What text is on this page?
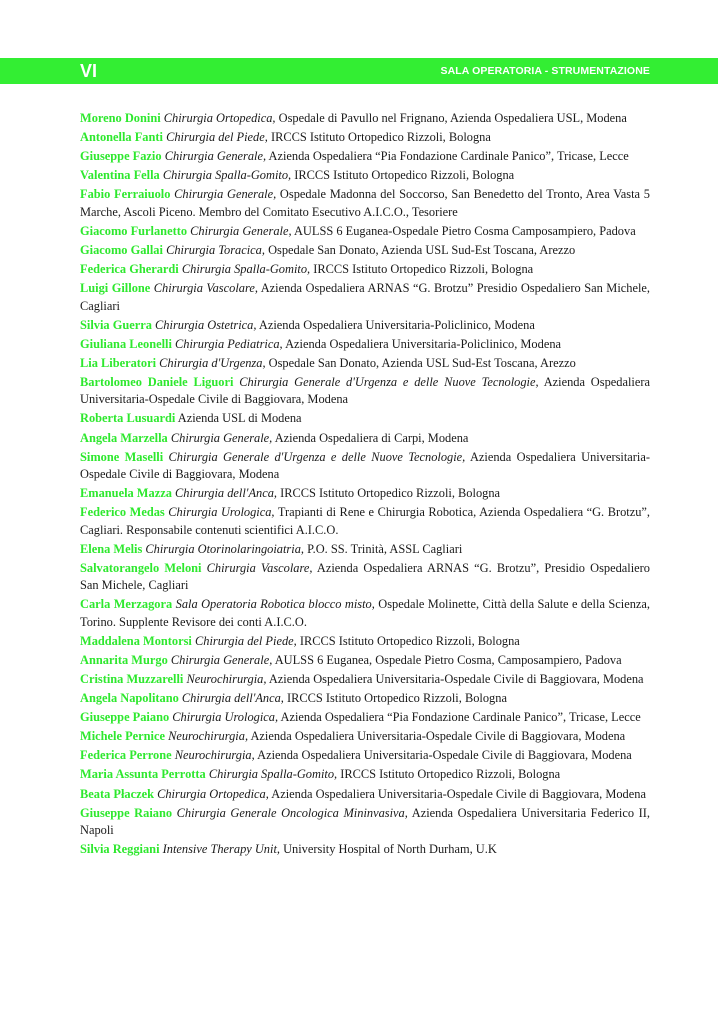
VI	SALA OPERATORIA - STRUMENTAZIONE

Moreno Donini Chirurgia Ortopedica, Ospedale di Pavullo nel Frignano, Azienda Ospedaliera USL, Modena

Antonella Fanti Chirurgia del Piede, IRCCS Istituto Ortopedico Rizzoli, Bologna

Giuseppe Fazio Chirurgia Generale, Azienda Ospedaliera “Pia Fondazione Cardinale Panico”, Tricase, Lecce

Valentina Fella Chirurgia Spalla-Gomito, IRCCS Istituto Ortopedico Rizzoli, Bologna

Fabio Ferraiuolo Chirurgia Generale, Ospedale Madonna del Soccorso, San Benedetto del Tronto, Area Vasta 5 Marche, Ascoli Piceno. Membro del Comitato Esecutivo A.I.C.O., Tesoriere

Giacomo Furlanetto Chirurgia Generale, AULSS 6 Euganea-Ospedale Pietro Cosma Camposampiero, Padova

Giacomo Gallai Chirurgia Toracica, Ospedale San Donato, Azienda USL Sud-Est Toscana, Arezzo

Federica Gherardi Chirurgia Spalla-Gomito, IRCCS Istituto Ortopedico Rizzoli, Bologna

Luigi Gillone Chirurgia Vascolare, Azienda Ospedaliera ARNAS “G. Brotzu” Presidio Ospedaliero San Michele, Cagliari

Silvia Guerra Chirurgia Ostetrica, Azienda Ospedaliera Universitaria-Policlinico, Modena

Giuliana Leonelli Chirurgia Pediatrica, Azienda Ospedaliera Universitaria-Policlinico, Modena

Lia Liberatori Chirurgia d'Urgenza, Ospedale San Donato, Azienda USL Sud-Est Toscana, Arezzo

Bartolomeo Daniele Liguori Chirurgia Generale d'Urgenza e delle Nuove Tecnologie, Azienda Ospedaliera Universitaria-Ospedale Civile di Baggiovara, Modena

Roberta Lusuardi Azienda USL di Modena

Angela Marzella Chirurgia Generale, Azienda Ospedaliera di Carpi, Modena

Simone Maselli Chirurgia Generale d'Urgenza e delle Nuove Tecnologie, Azienda Ospedaliera Universitaria-Ospedale Civile di Baggiovara, Modena

Emanuela Mazza Chirurgia dell'Anca, IRCCS Istituto Ortopedico Rizzoli, Bologna

Federico Medas Chirurgia Urologica, Trapianti di Rene e Chirurgia Robotica, Azienda Ospedaliera “G. Brotzu”, Cagliari. Responsabile contenuti scientifici A.I.C.O.

Elena Melis Chirurgia Otorinolaringoiatria, P.O. SS. Trinità, ASSL Cagliari

Salvatorangelo Meloni Chirurgia Vascolare, Azienda Ospedaliera ARNAS “G. Brotzu”, Presidio Ospedaliero San Michele, Cagliari

Carla Merzagora Sala Operatoria Robotica blocco misto, Ospedale Molinette, Città della Salute e della Scienza, Torino. Supplente Revisore dei conti A.I.C.O.

Maddalena Montorsi Chirurgia del Piede, IRCCS Istituto Ortopedico Rizzoli, Bologna

Annarita Murgo Chirurgia Generale, AULSS 6 Euganea, Ospedale Pietro Cosma, Camposampiero, Padova

Cristina Muzzarelli Neurochirurgia, Azienda Ospedaliera Universitaria-Ospedale Civile di Baggiovara, Modena

Angela Napolitano Chirurgia dell'Anca, IRCCS Istituto Ortopedico Rizzoli, Bologna

Giuseppe Paiano Chirurgia Urologica, Azienda Ospedaliera “Pia Fondazione Cardinale Panico”, Tricase, Lecce

Michele Pernice Neurochirurgia, Azienda Ospedaliera Universitaria-Ospedale Civile di Baggiovara, Modena

Federica Perrone Neurochirurgia, Azienda Ospedaliera Universitaria-Ospedale Civile di Baggiovara, Modena

Maria Assunta Perrotta Chirurgia Spalla-Gomito, IRCCS Istituto Ortopedico Rizzoli, Bologna

Beata Płaczek Chirurgia Ortopedica, Azienda Ospedaliera Universitaria-Ospedale Civile di Baggiovara, Modena

Giuseppe Raiano Chirurgia Generale Oncologica Mininvasiva, Azienda Ospedaliera Universitaria Federico II, Napoli

Silvia Reggiani Intensive Therapy Unit, University Hospital of North Durham, U.K
